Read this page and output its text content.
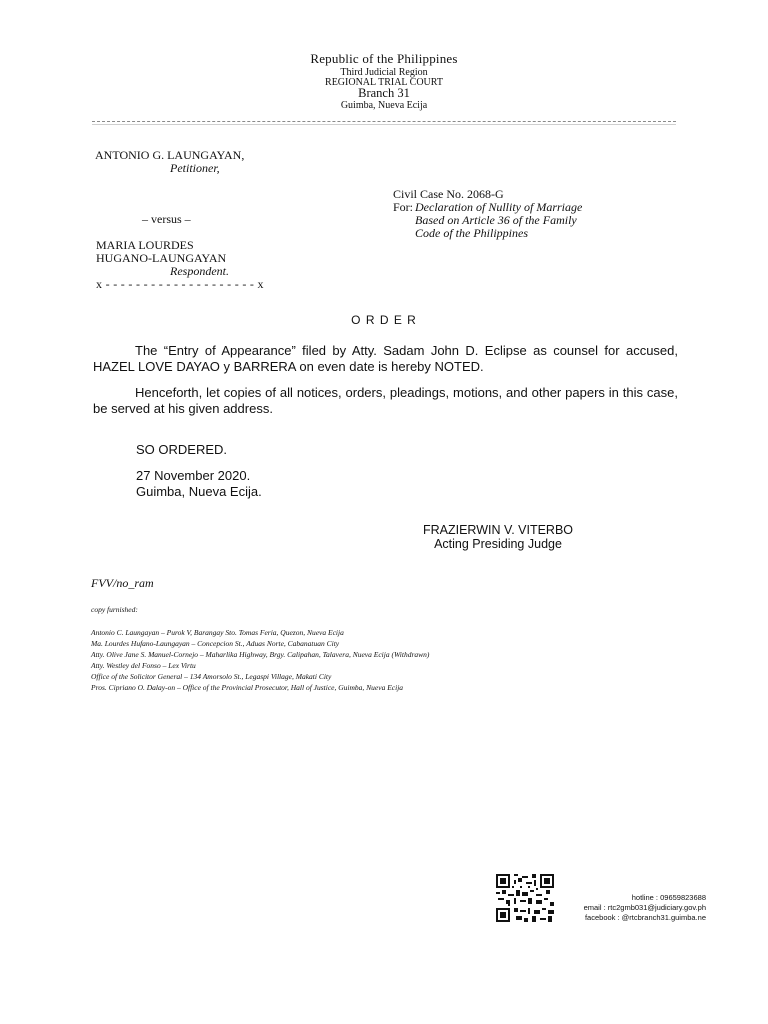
Republic of the Philippines
Third Judicial Region
REGIONAL TRIAL COURT
Branch 31
Guimba, Nueva Ecija
ANTONIO G. LAUNGAYAN,
Petitioner,
– versus –
MARIA LOURDES
HUGANO-LAUNGAYAN
Respondent.
x - - - - - - - - - - - - - - - - - - - - x
Civil Case No. 2068-G
For: Declaration of Nullity of Marriage
Based on Article 36 of the Family
Code of the Philippines
O R D E R
The “Entry of Appearance” filed by Atty. Sadam John D. Eclipse as counsel for accused, HAZEL LOVE DAYAO y BARRERA on even date is hereby NOTED.
Henceforth, let copies of all notices, orders, pleadings, motions, and other papers in this case, be served at his given address.
SO ORDERED.
27 November 2020.
Guimba, Nueva Ecija.
FRAZIERWIN V. VITERBO
Acting Presiding Judge
FVV/no_ram
copy furnished:
Antonio C. Laungayan – Purok V, Barangay Sto. Tomas Feria, Quezon, Nueva Ecija
Ma. Lourdes Hufano-Laungayan – Concepcion St., Aduas Norte, Cabanatuan City
Atty. Olive Jane S. Manuel-Cornejo – Maharlika Highway, Brgy. Calipahan, Talavera, Nueva Ecija (Withdrawn)
Atty. Westley del Fonso – Lex Virtu
Office of the Solicitor General – 134 Amorsolo St., Legaspi Village, Makati City
Pros. Cipriano O. Dalay-on – Office of the Provincial Prosecutor, Hall of Justice, Guimba, Nueva Ecija
hotline : 09659823688
email : rtc2gmb031@judiciary.gov.ph
facebook : @rtcbranch31.guimba.ne
